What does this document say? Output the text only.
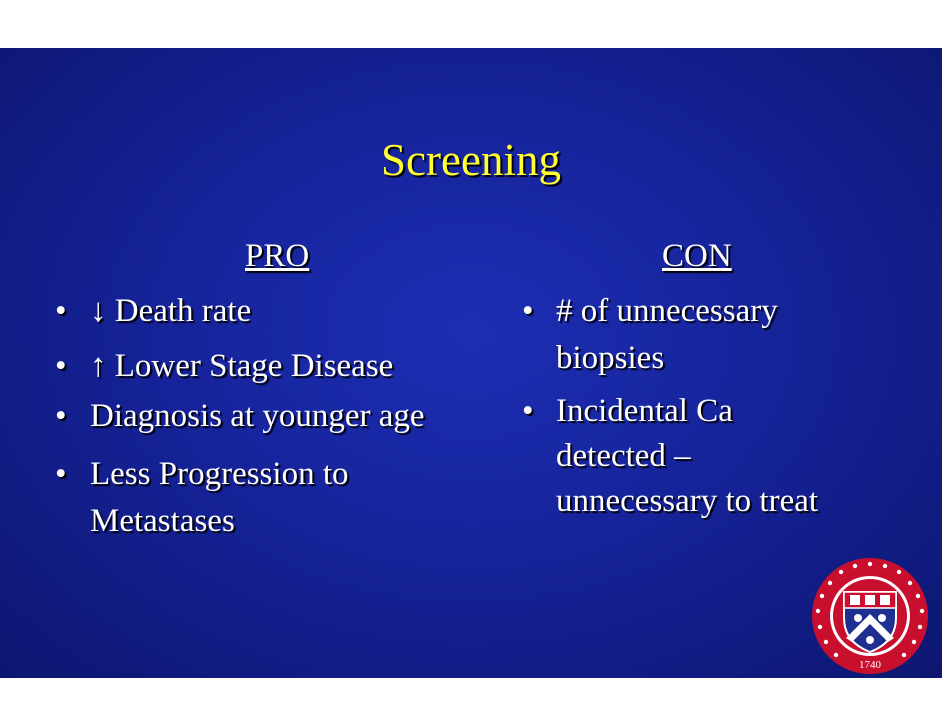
Screening
PRO
• ↓ Death rate
• ↑ Lower Stage Disease
• Diagnosis at younger age
• Less Progression to
Metastases
CON
• # of unnecessary
biopsies
• Incidental Ca
detected –
unnecessary to treat
1740
